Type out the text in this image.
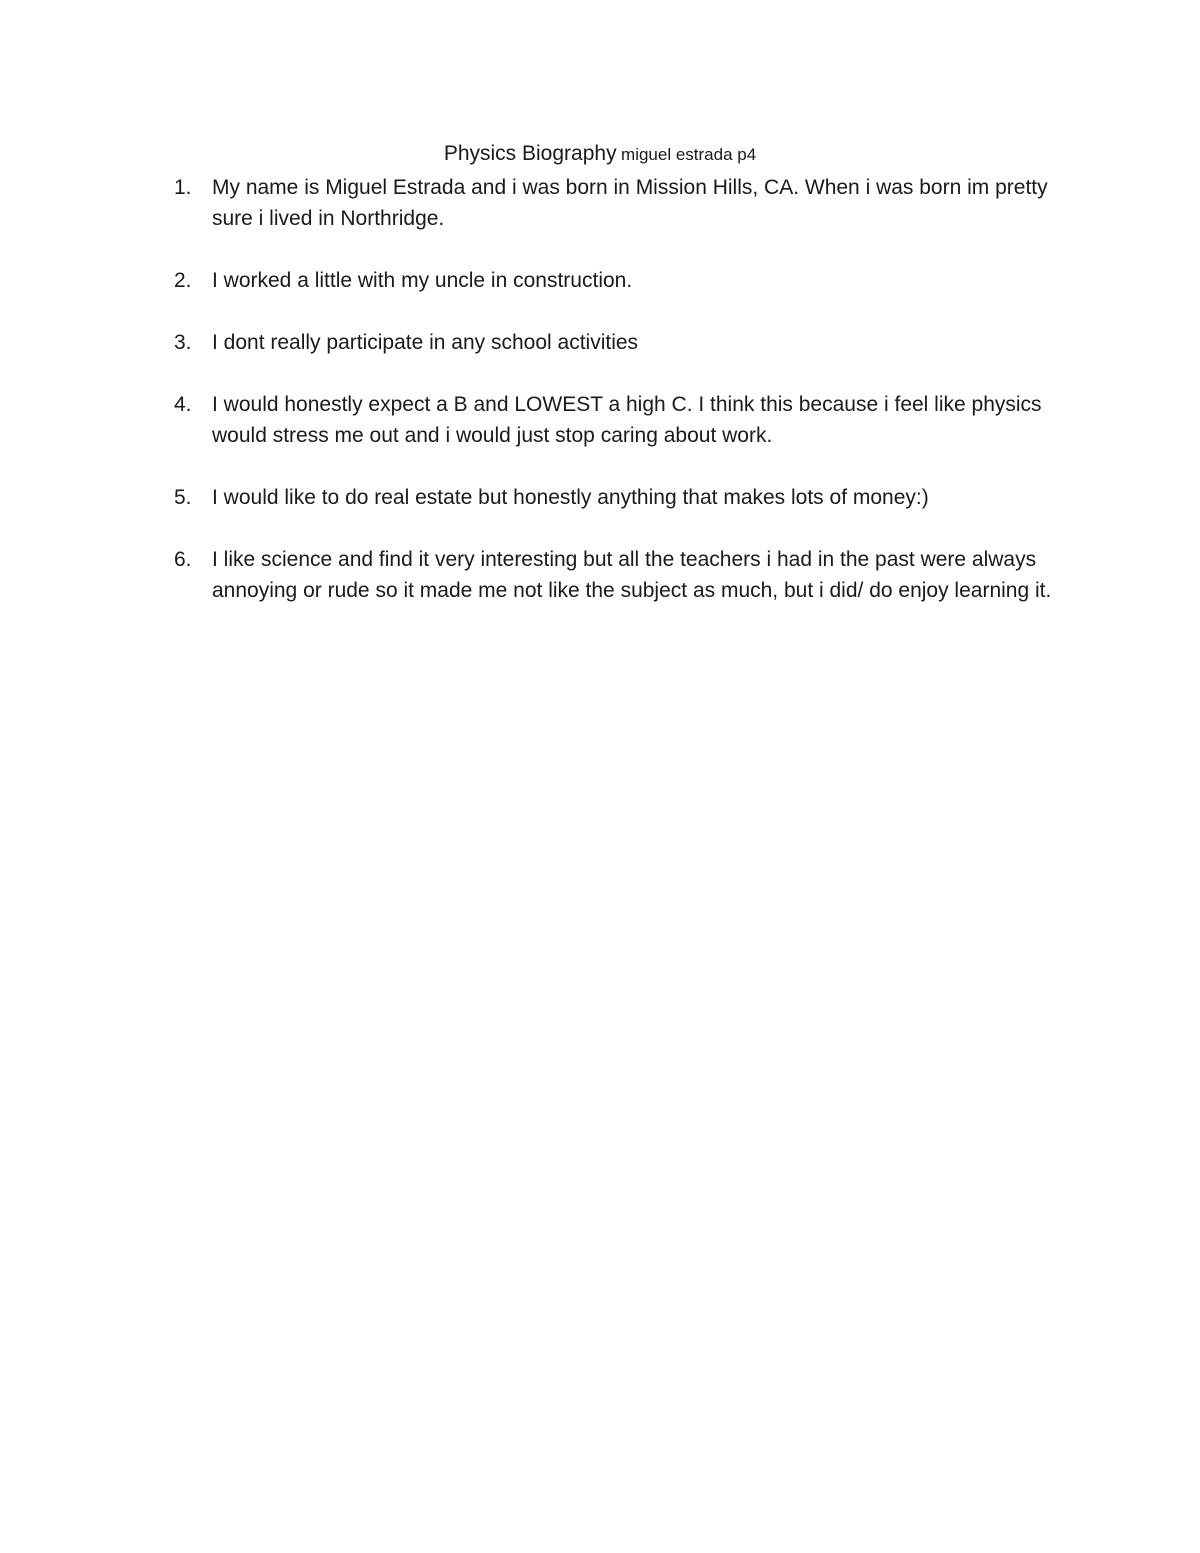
Physics Biography miguel estrada p4
1. My name is Miguel Estrada and i was born in Mission Hills, CA. When i was born im pretty sure i lived in Northridge.
2. I worked a little with my uncle in construction.
3. I dont really participate in any school activities
4. I would honestly expect a B and LOWEST a high C. I think this because i feel like physics would stress me out and i would just stop caring about work.
5. I would like to do real estate but honestly anything that makes lots of money:)
6. I like science and find it very interesting but all the teachers i had in the past were always annoying or rude so it made me not like the subject as much, but i did/ do enjoy learning it.
